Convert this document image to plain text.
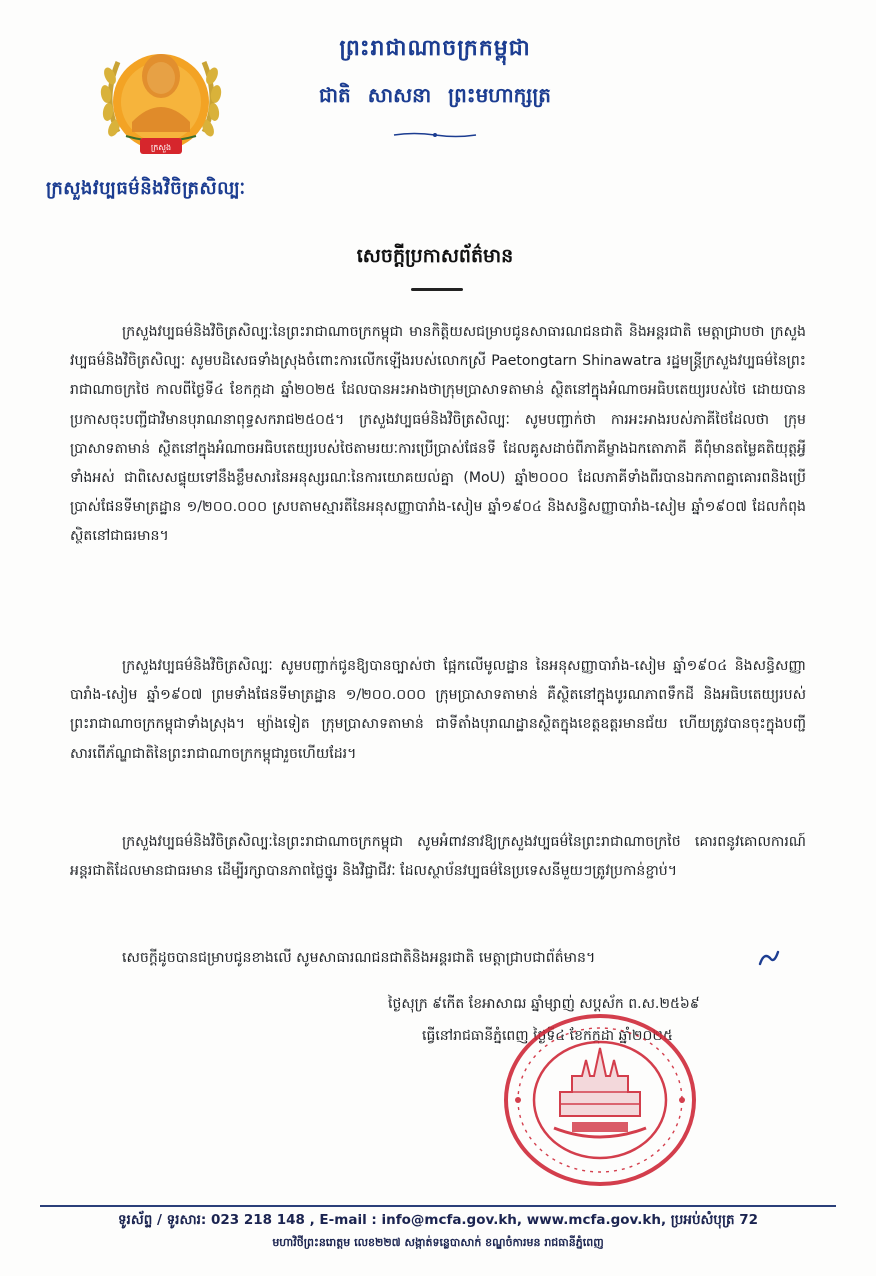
ក្រសួង
ព្រះរាជាណាចក្រកម្ពុជា
ជាតិ សាសនា ព្រះមហាក្សត្រ
ក្រសួងវប្បធម៌និងវិចិត្រសិល្បៈ
សេចក្តីប្រកាសព័ត៌មាន
ក្រសួងវប្បធម៌និងវិចិត្រសិល្បៈនៃព្រះរាជាណាចក្រកម្ពុជា មានកិត្តិយសជម្រាបជូនសាធារណជនជាតិ និងអន្តរជាតិ មេត្តាជ្រាបថា ក្រសួងវប្បធម៌និងវិចិត្រសិល្បៈ សូមបដិសេធទាំងស្រុងចំពោះការលើកឡើងរបស់លោកស្រី Paetongtarn Shinawatra រដ្ឋមន្ត្រីក្រសួងវប្បធម៌នៃព្រះរាជាណាចក្រថៃ កាលពីថ្ងៃទី៤ ខែកក្កដា ឆ្នាំ២០២៥ ដែលបានអះអាងថាក្រុមប្រាសាទតាមាន់ ស្ថិតនៅក្នុងអំណាចអធិបតេយ្យរបស់ថៃ ដោយបានប្រកាសចុះបញ្ជីជាវិមានបុរាណនាពុទ្ធសករាជ២៥០៥។ ក្រសួងវប្បធម៌និងវិចិត្រសិល្បៈ សូមបញ្ជាក់ថា ការអះអាងរបស់ភាគីថៃដែលថា ក្រុមប្រាសាទតាមាន់ ស្ថិតនៅក្នុងអំណាចអធិបតេយ្យរបស់ថៃតាមរយៈការប្រើប្រាស់ផែនទី ដែលគូសដាច់ពីភាគីម្ខាងឯកតោភាគី គឺពុំមានតម្លៃគតិយុត្តអ្វីទាំងអស់ ជាពិសេសផ្ទុយទៅនឹងខ្លឹមសារនៃអនុស្សរណៈនៃការយោគយល់គ្នា (MoU) ឆ្នាំ២០០០ ដែលភាគីទាំងពីរបានឯកភាពគ្នាគោរពនិងប្រើប្រាស់ផែនទីមាត្រដ្ឋាន ១/២០០.០០០ ស្របតាមស្មារតីនៃអនុសញ្ញាបារាំង-សៀម ឆ្នាំ១៩០៤ និងសន្ធិសញ្ញាបារាំង-សៀម ឆ្នាំ១៩០៧ ដែលកំពុងស្ថិតនៅជាធរមាន។
ក្រសួងវប្បធម៌និងវិចិត្រសិល្បៈ សូមបញ្ជាក់ជូនឱ្យបានច្បាស់ថា ផ្អែកលើមូលដ្ឋាន នៃអនុសញ្ញាបារាំង-សៀម ឆ្នាំ១៩០៤ និងសន្ធិសញ្ញាបារាំង-សៀម ឆ្នាំ១៩០៧ ព្រមទាំងផែនទីមាត្រដ្ឋាន ១/២០០.០០០ ក្រុមប្រាសាទតាមាន់ គឺស្ថិតនៅក្នុងបូរណភាពទឹកដី និងអធិបតេយ្យរបស់ព្រះរាជាណាចក្រកម្ពុជាទាំងស្រុង។ ម្យ៉ាងទៀត ក្រុមប្រាសាទតាមាន់ ជាទីតាំងបុរាណដ្ឋានស្ថិតក្នុងខេត្តឧត្តរមានជ័យ ហើយត្រូវបានចុះក្នុងបញ្ជីសារពើភ័ណ្ឌជាតិនៃព្រះរាជាណាចក្រកម្ពុជារួចហើយដែរ។
ក្រសួងវប្បធម៌និងវិចិត្រសិល្បៈនៃព្រះរាជាណាចក្រកម្ពុជា សូមអំពាវនាវឱ្យក្រសួងវប្បធម៌នៃព្រះរាជាណាចក្រថៃ គោរពនូវគោលការណ៍អន្តរជាតិដែលមានជាធរមាន ដើម្បីរក្សាបានភាពថ្លៃថ្នូរ និងវិជ្ជាជីវៈ ដែលស្ថាប័នវប្បធម៌នៃប្រទេសនីមួយៗត្រូវប្រកាន់ខ្ជាប់។
សេចក្តីដូចបានជម្រាបជូនខាងលើ សូមសាធារណជនជាតិនិងអន្តរជាតិ មេត្តាជ្រាបជាព័ត៌មាន។
ថ្ងៃសុក្រ ៩កើត ខែអាសាឍ ឆ្នាំម្សាញ់ សប្តស័ក ព.ស.២៥៦៩
ធ្វើនៅរាជធានីភ្នំពេញ ថ្ងៃទី៤ ខែកក្កដា ឆ្នាំ២០២៥
ទូរស័ព្ទ / ទូរសារ: 023 218 148 , E-mail : info@mcfa.gov.kh, www.mcfa.gov.kh, ប្រអប់សំបុត្រ 72
មហាវិថីព្រះនរោត្តម លេខ២២៧ សង្កាត់ទន្លេបាសាក់ ខណ្ឌចំការមន រាជធានីភ្នំពេញ
